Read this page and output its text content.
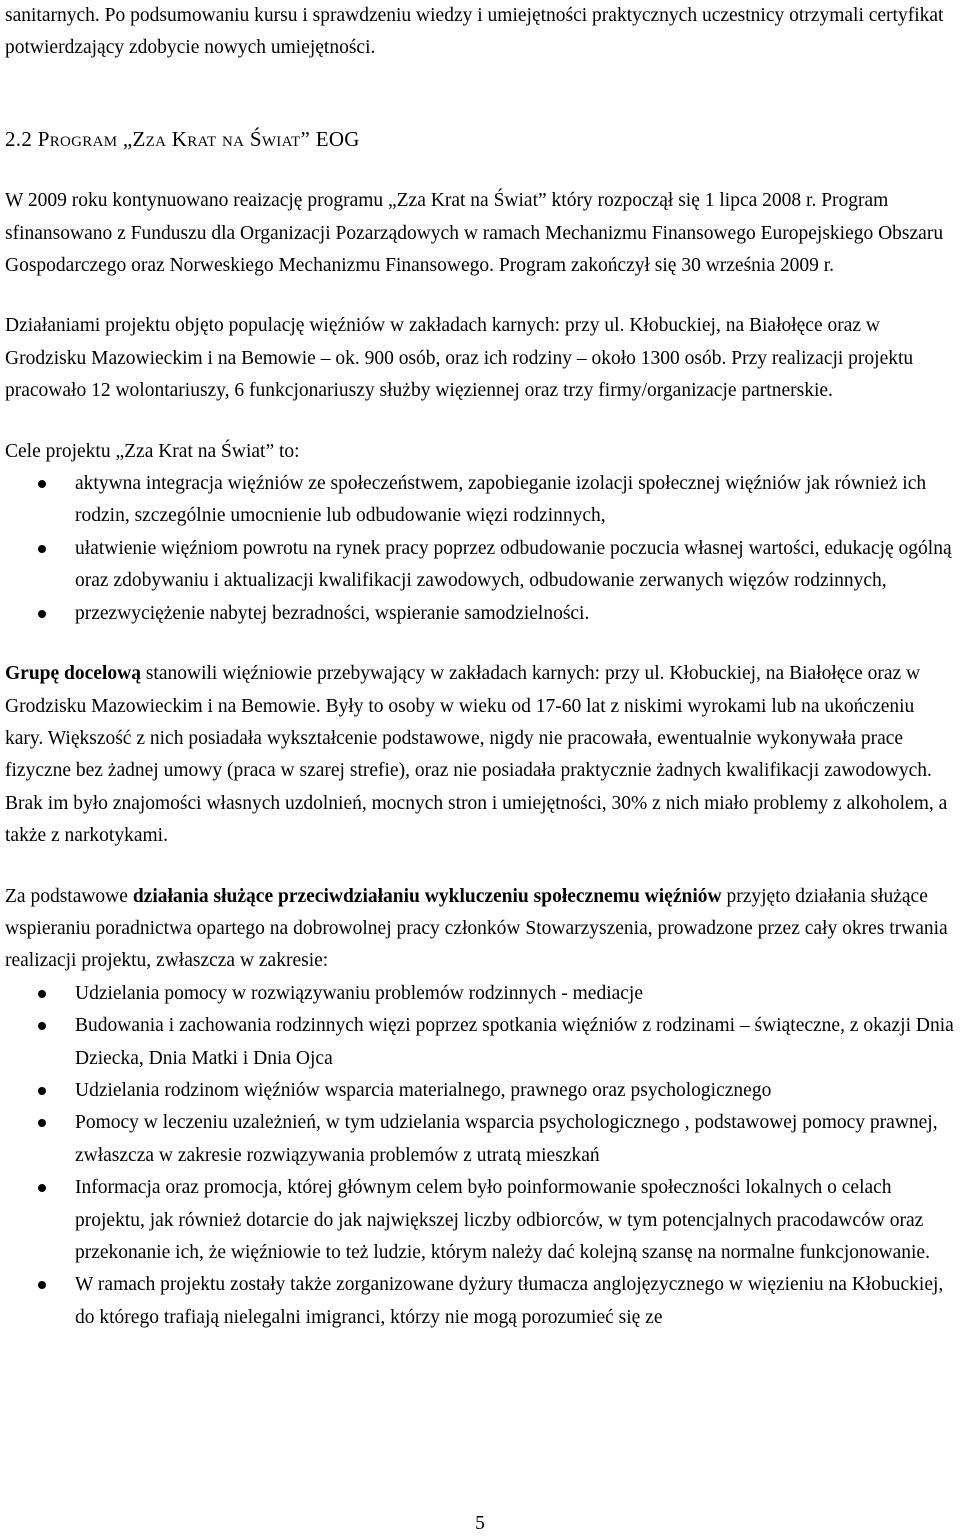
sanitarnych. Po podsumowaniu kursu i sprawdzeniu wiedzy i umiejętności praktycznych uczestnicy otrzymali certyfikat potwierdzający zdobycie nowych umiejętności.

2.2 Program „Zza Krat na Świat” EOG

W 2009 roku kontynuowano reaizację programu „Zza Krat na Świat” który rozpoczął się 1 lipca 2008 r. Program sfinansowano z Funduszu dla Organizacji Pozarządowych w ramach Mechanizmu Finansowego Europejskiego Obszaru Gospodarczego oraz Norweskiego Mechanizmu Finansowego. Program zakończył się 30 września 2009 r.

Działaniami projektu objęto populację więźniów w zakładach karnych: przy ul. Kłobuckiej, na Białołęce oraz w Grodzisku Mazowieckim i na Bemowie – ok. 900 osób, oraz ich rodziny – około 1300 osób. Przy realizacji projektu pracowało 12 wolontariuszy, 6 funkcjonariuszy służby więziennej oraz trzy firmy/organizacje partnerskie.

Cele projektu „Zza Krat na Świat” to:

aktywna integracja więźniów ze społeczeństwem, zapobieganie izolacji społecznej więźniów jak również ich rodzin, szczególnie umocnienie lub odbudowanie więzi rodzinnych,
ułatwienie więźniom powrotu na rynek pracy poprzez odbudowanie poczucia własnej wartości, edukację ogólną oraz zdobywaniu i aktualizacji kwalifikacji zawodowych, odbudowanie zerwanych więzów rodzinnych,
przezwyciężenie nabytej bezradności, wspieranie samodzielności.

Grupę docelową stanowili więźniowie przebywający w zakładach karnych: przy ul. Kłobuckiej, na Białołęce oraz w Grodzisku Mazowieckim i na Bemowie. Były to osoby w wieku od 17-60 lat z niskimi wyrokami lub na ukończeniu kary. Większość z nich posiadała wykształcenie podstawowe, nigdy nie pracowała, ewentualnie wykonywała prace fizyczne bez żadnej umowy (praca w szarej strefie), oraz nie posiadała praktycznie żadnych kwalifikacji zawodowych. Brak im było znajomości własnych uzdolnień, mocnych stron i umiejętności, 30% z nich miało problemy z alkoholem, a także z narkotykami.

Za podstawowe działania służące przeciwdziałaniu wykluczeniu społecznemu więźniów przyjęto działania służące wspieraniu poradnictwa opartego na dobrowolnej pracy członków Stowarzyszenia, prowadzone przez cały okres trwania realizacji projektu, zwłaszcza w zakresie:

Udzielania pomocy w rozwiązywaniu problemów rodzinnych - mediacje
Budowania i zachowania rodzinnych więzi poprzez spotkania więźniów z rodzinami – świąteczne, z okazji Dnia Dziecka, Dnia Matki i Dnia Ojca
Udzielania rodzinom więźniów wsparcia materialnego, prawnego oraz psychologicznego
Pomocy w leczeniu uzależnień, w tym udzielania wsparcia psychologicznego , podstawowej pomocy prawnej, zwłaszcza w zakresie rozwiązywania problemów z utratą mieszkań
Informacja oraz promocja, której głównym celem było poinformowanie społeczności lokalnych o celach projektu, jak również dotarcie do jak największej liczby odbiorców, w tym potencjalnych pracodawców oraz przekonanie ich, że więźniowie to też ludzie, którym należy dać kolejną szansę na normalne funkcjonowanie.
W ramach projektu zostały także zorganizowane dyżury tłumacza anglojęzycznego w więzieniu na Kłobuckiej, do którego trafiają nielegalni imigranci, którzy nie mogą porozumieć się ze
5
